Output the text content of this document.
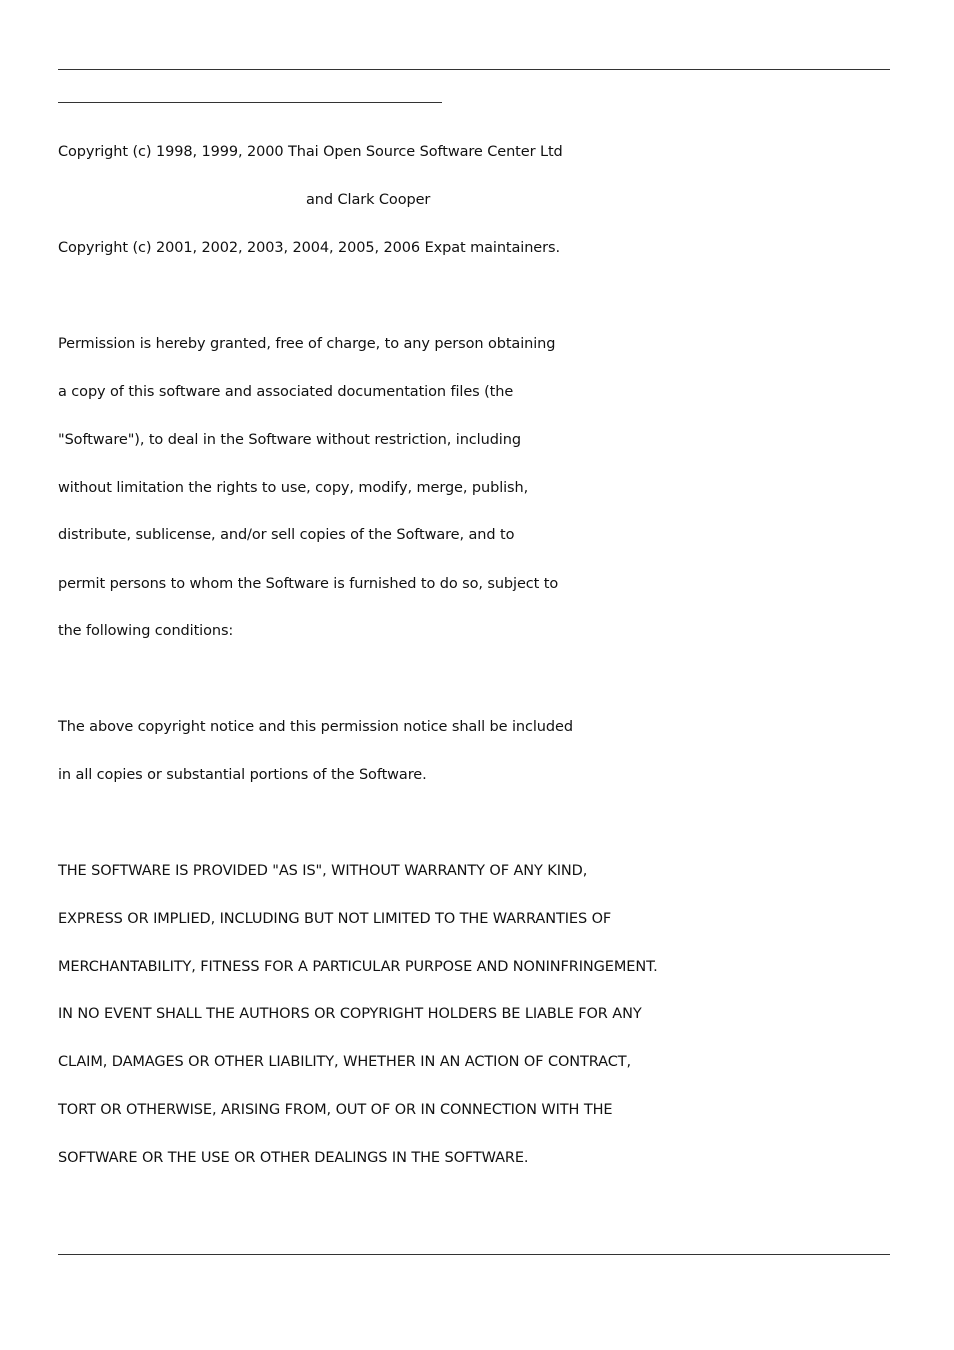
Copyright (c) 1998, 1999, 2000 Thai Open Source Software Center Ltd
and Clark Cooper
Copyright (c) 2001, 2002, 2003, 2004, 2005, 2006 Expat maintainers.
Permission is hereby granted, free of charge, to any person obtaining
a copy of this software and associated documentation files (the
"Software"), to deal in the Software without restriction, including
without limitation the rights to use, copy, modify, merge, publish,
distribute, sublicense, and/or sell copies of the Software, and to
permit persons to whom the Software is furnished to do so, subject to
the following conditions:
The above copyright notice and this permission notice shall be included
in all copies or substantial portions of the Software.
THE SOFTWARE IS PROVIDED "AS IS", WITHOUT WARRANTY OF ANY KIND,
EXPRESS OR IMPLIED, INCLUDING BUT NOT LIMITED TO THE WARRANTIES OF
MERCHANTABILITY, FITNESS FOR A PARTICULAR PURPOSE AND NONINFRINGEMENT.
IN NO EVENT SHALL THE AUTHORS OR COPYRIGHT HOLDERS BE LIABLE FOR ANY
CLAIM, DAMAGES OR OTHER LIABILITY, WHETHER IN AN ACTION OF CONTRACT,
TORT OR OTHERWISE, ARISING FROM, OUT OF OR IN CONNECTION WITH THE
SOFTWARE OR THE USE OR OTHER DEALINGS IN THE SOFTWARE.
